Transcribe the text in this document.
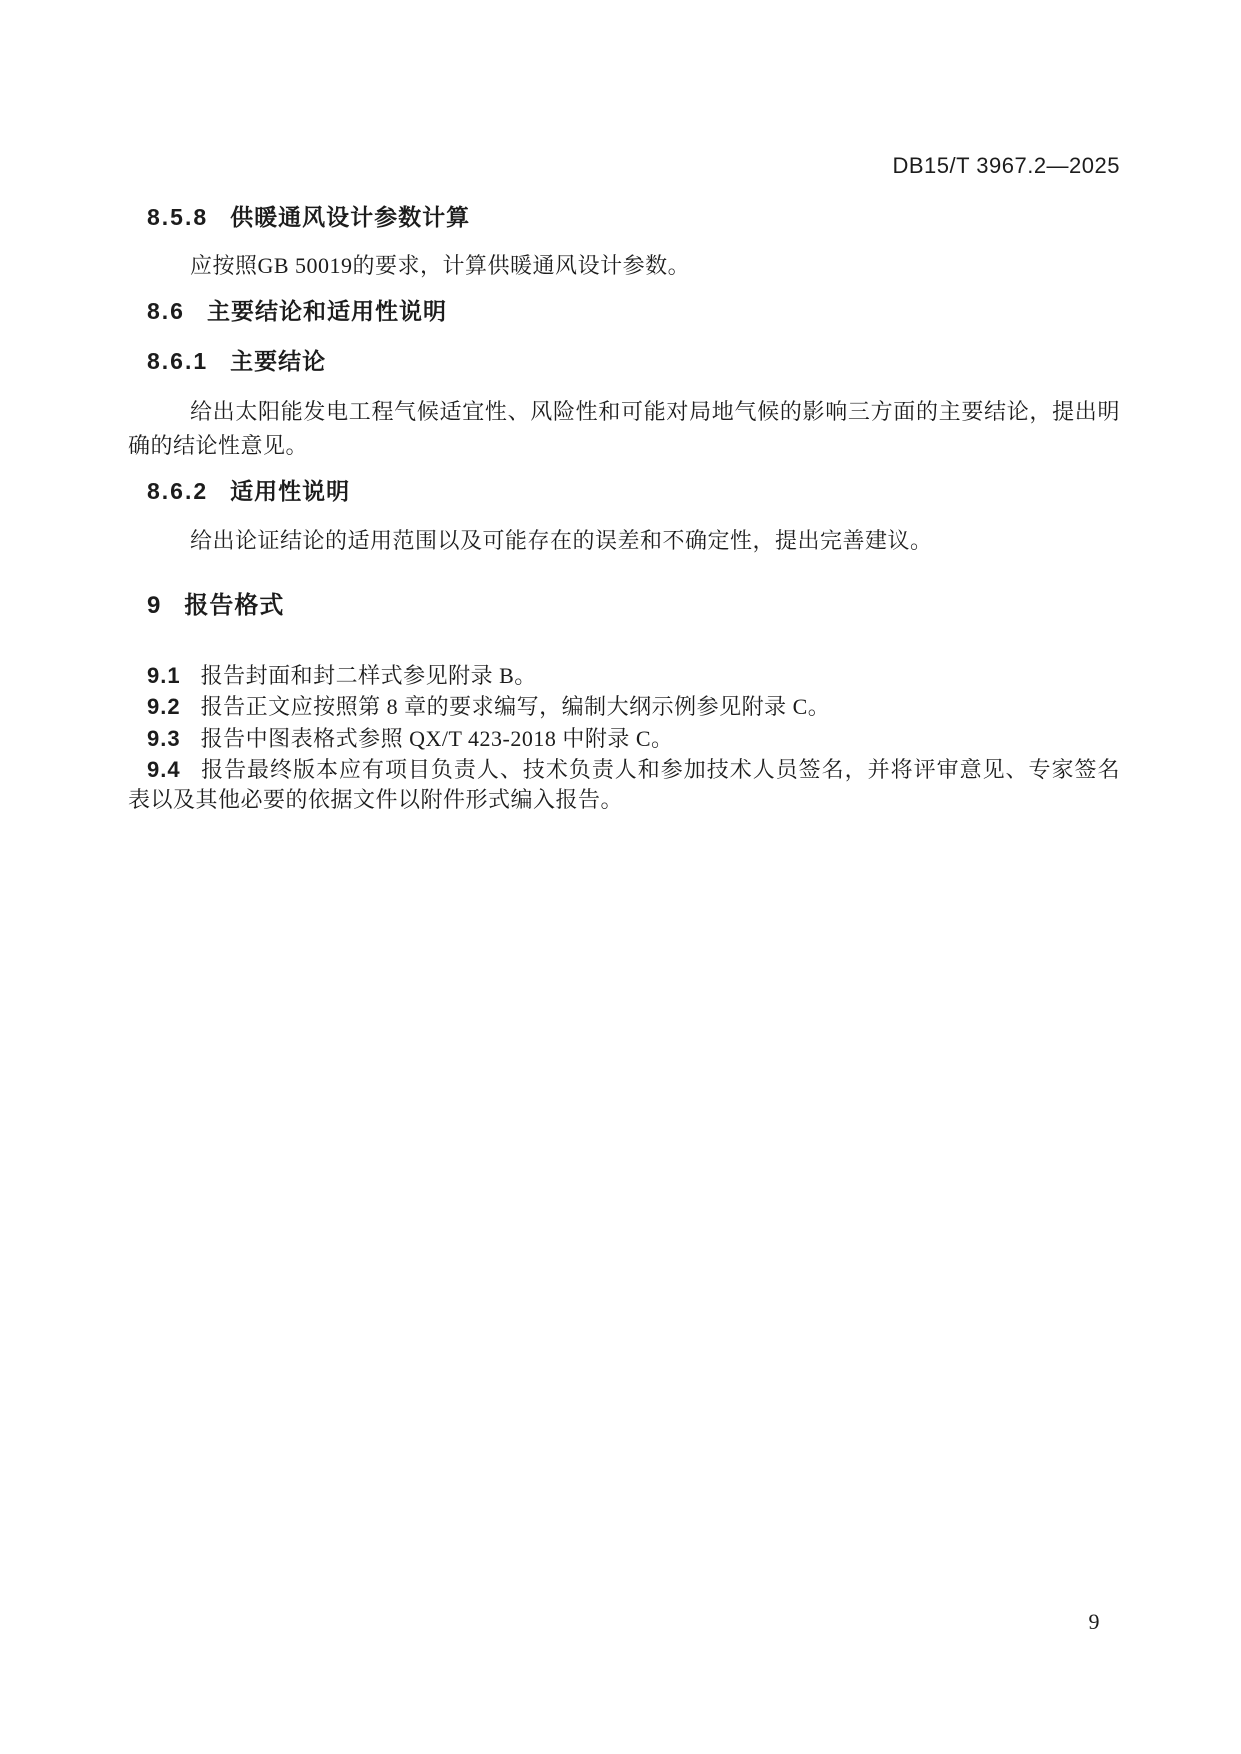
DB15/T 3967.2—2025
8.5.8 供暖通风设计参数计算
应按照GB 50019的要求，计算供暖通风设计参数。
8.6 主要结论和适用性说明
8.6.1 主要结论
给出太阳能发电工程气候适宜性、风险性和可能对局地气候的影响三方面的主要结论，提出明确的结论性意见。
8.6.2 适用性说明
给出论证结论的适用范围以及可能存在的误差和不确定性，提出完善建议。
9 报告格式
9.1 报告封面和封二样式参见附录 B。
9.2 报告正文应按照第 8 章的要求编写，编制大纲示例参见附录 C。
9.3 报告中图表格式参照 QX/T 423-2018 中附录 C。
9.4 报告最终版本应有项目负责人、技术负责人和参加技术人员签名，并将评审意见、专家签名表以及其他必要的依据文件以附件形式编入报告。
9
